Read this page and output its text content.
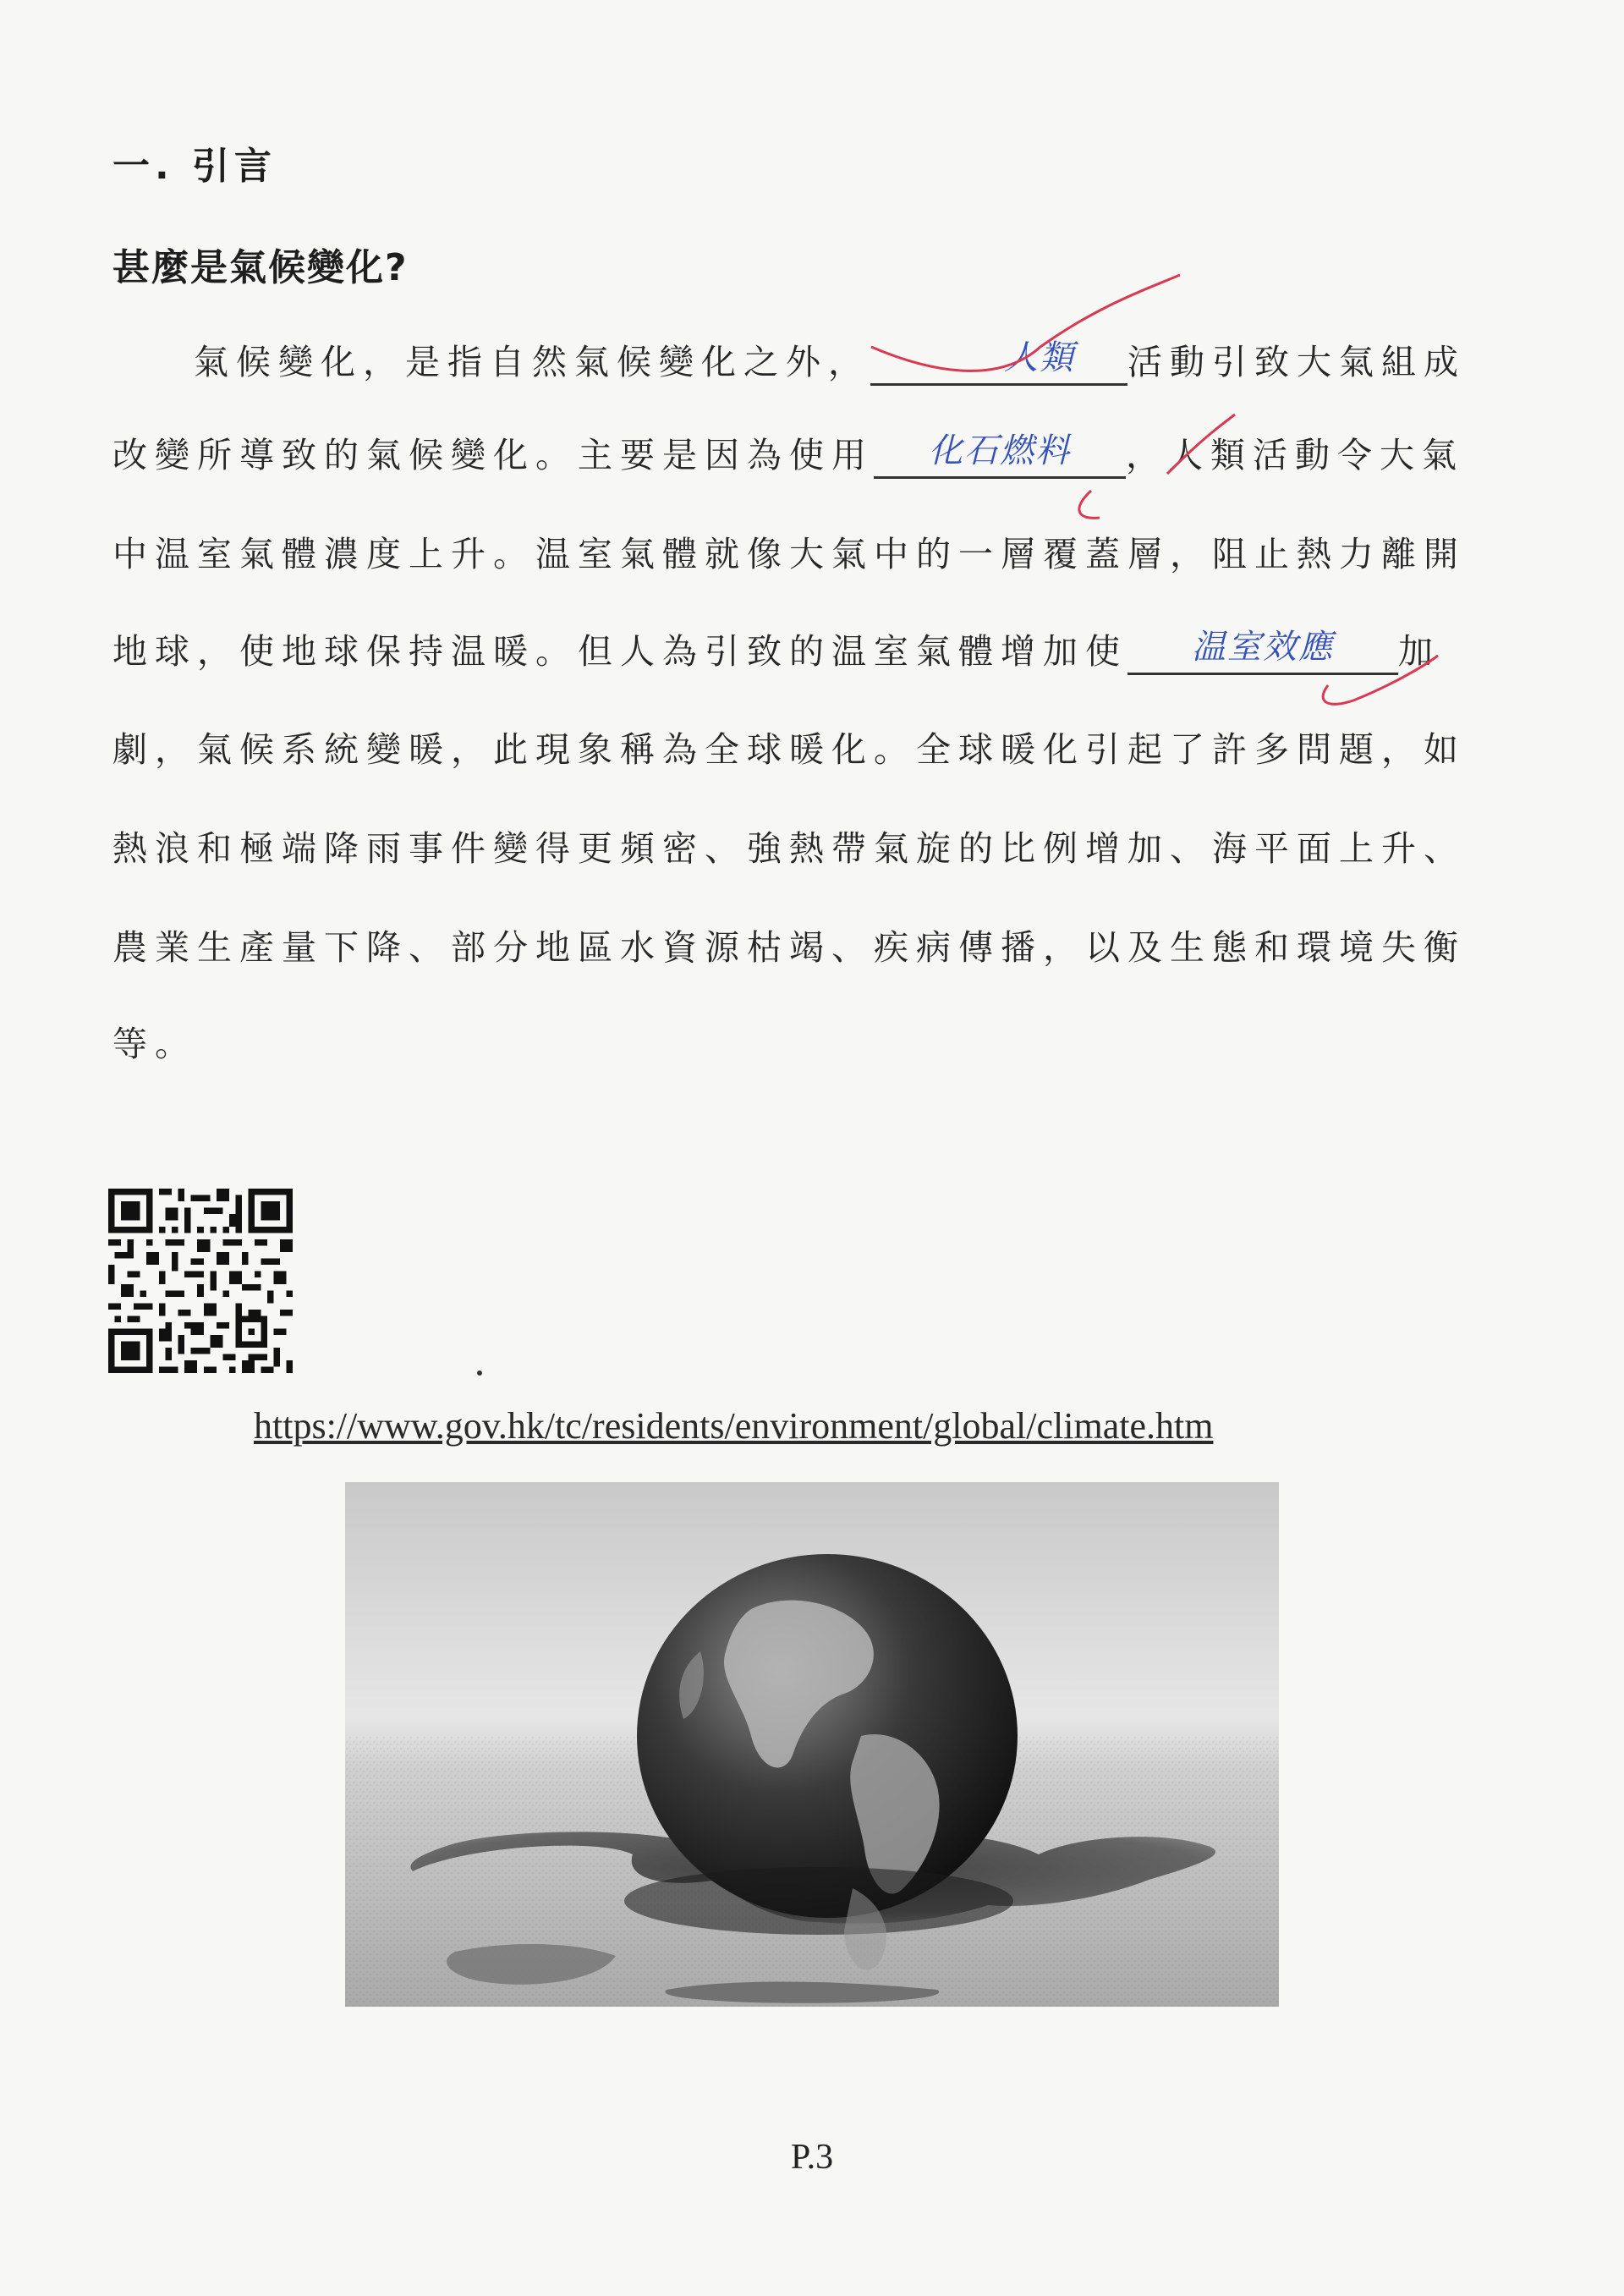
一. 引言
甚麼是氣候變化?
氣候變化，是指自然氣候變化之外，	人類	活動引致大氣組成
改變所導致的氣候變化。主要是因為使用	化石燃料	，人類活動令大氣
中温室氣體濃度上升。温室氣體就像大氣中的一層覆蓋層，阻止熱力離開
地球，使地球保持温暖。但人為引致的温室氣體增加使	温室效應	加
劇，氣候系統變暖，此現象稱為全球暖化。全球暖化引起了許多問題，如
熱浪和極端降雨事件變得更頻密、強熱帶氣旋的比例增加、海平面上升、
農業生產量下降、部分地區水資源枯竭、疾病傳播，以及生態和環境失衡
等。
https://www.gov.hk/tc/residents/environment/global/climate.htm
P.3
